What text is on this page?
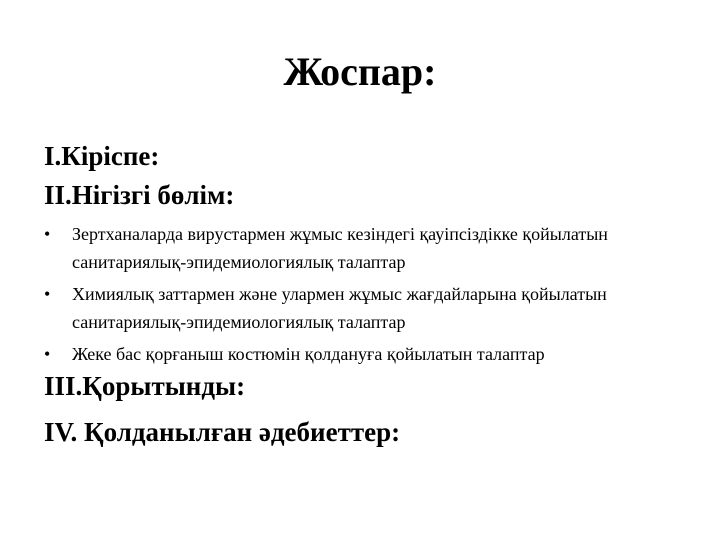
Жоспар:

I.Кіріспе:

II.Нігізгі бөлім:

• Зертханаларда вирустармен жұмыс кезіндегі қауіпсіздікке қойылатын санитариялық-эпидемиологиялық талаптар
• Химиялық заттармен және улармен жұмыс жағдайларына қойылатын санитариялық-эпидемиологиялық талаптар
• Жеке бас қорғаныш костюмін қолдануға қойылатын талаптар

III.Қорытынды:

IV. Қолданылған әдебиеттер:
